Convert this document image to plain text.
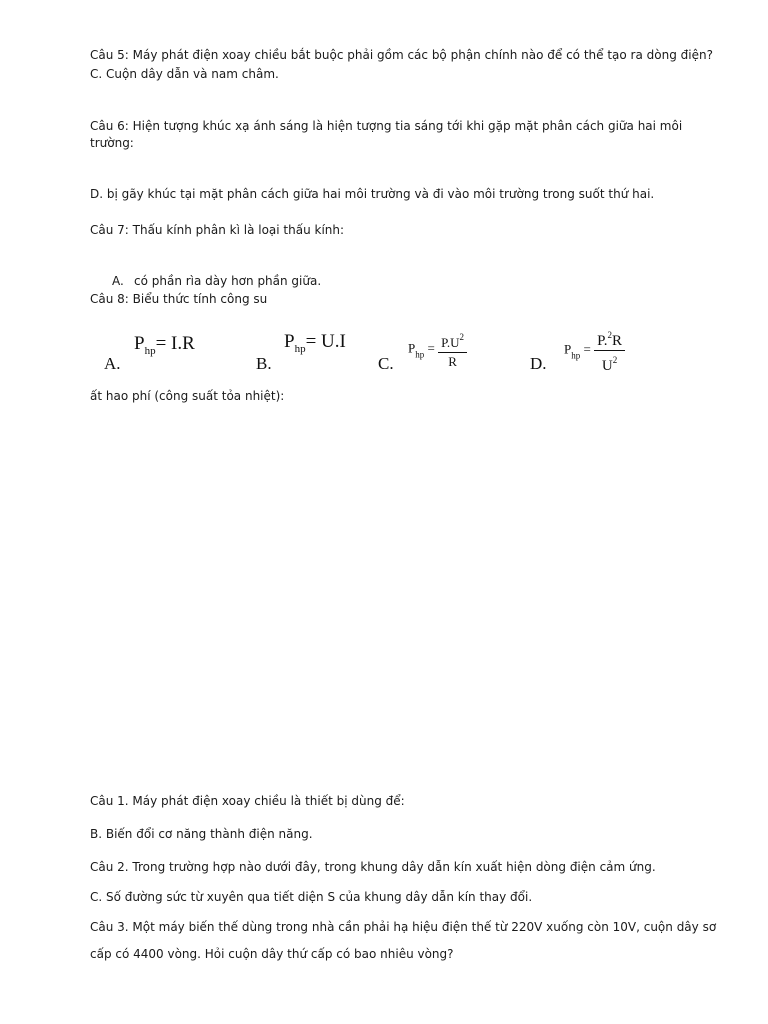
Câu 5: Máy phát điện xoay chiều bắt buộc phải gồm các bộ phận chính nào để có thể tạo ra dòng điện?
C. Cuộn dây dẫn và nam châm.
Câu 6: Hiện tượng khúc xạ ánh sáng là hiện tượng tia sáng tới khi gặp mặt phân cách giữa hai môi
trường:
D. bị gãy khúc tại mặt phân cách giữa hai môi trường và đi vào môi trường trong suốt thứ hai.
Câu 7: Thấu kính phân kì là loại thấu kính:
A. có phần rìa dày hơn phần giữa.
Câu 8: Biểu thức tính công su
A.
Php= I.R
B.
Php= U.I
C.
$P_{hp} = \frac{P.U^2}{R}$	D.
$P_{hp} = \frac{P.^2R}{U^2}$
ất hao phí (công suất tỏa nhiệt):
Câu 1. Máy phát điện xoay chiều là thiết bị dùng để:
B. Biến đổi cơ năng thành điện năng.
Câu 2. Trong trường hợp nào dưới đây, trong khung dây dẫn kín xuất hiện dòng điện cảm ứng.
C. Số đường sức từ xuyên qua tiết diện S của khung dây dẫn kín thay đổi.
Câu 3. Một máy biến thế dùng trong nhà cần phải hạ hiệu điện thế từ 220V xuống còn 10V, cuộn dây sơ
cấp có 4400 vòng. Hỏi cuộn dây thứ cấp có bao nhiêu vòng?
